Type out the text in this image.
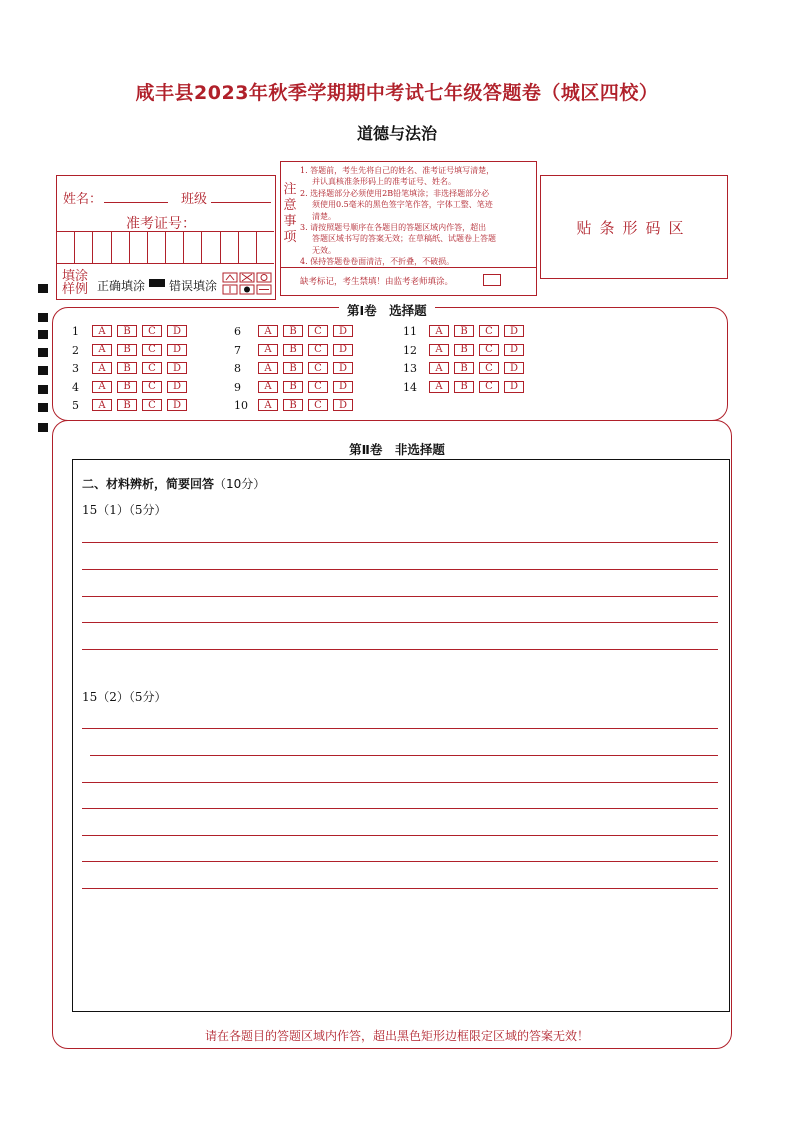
咸丰县2023年秋季学期期中考试七年级答题卷（城区四校）
道德与法治
姓名：	班级
准考证号：
填涂
样例 正确填涂 错误填涂
注意事项
1. 答题前，考生先将自己的姓名、准考证号填写清楚，
并认真核准条形码上的准考证号、姓名。
2. 选择题部分必须使用2B铅笔填涂；非选择题部分必
须使用0.5毫米的黑色签字笔作答，字体工整、笔迹
清楚。
3. 请按照题号顺序在各题目的答题区域内作答，超出
答题区域书写的答案无效；在草稿纸、试题卷上答题
无效。
4. 保持答题卷卷面清洁，不折叠，不破损。
缺考标记，考生禁填！由监考老师填涂。
贴条形码区
第Ⅰ卷　选择题
1	A	B	C	D
2	A	B	C	D
3	A	B	C	D
4	A	B	C	D
5	A	B	C	D
6	A	B	C	D
7	A	B	C	D
8	A	B	C	D
9	A	B	C	D
10	A	B	C	D
11	A	B	C	D
12	A	B	C	D
13	A	B	C	D
14	A	B	C	D
第Ⅱ卷　非选择题
二、材料辨析，简要回答（10分）
15（1）（5分）
15（2）（5分）
请在各题目的答题区域内作答，超出黑色矩形边框限定区域的答案无效！
